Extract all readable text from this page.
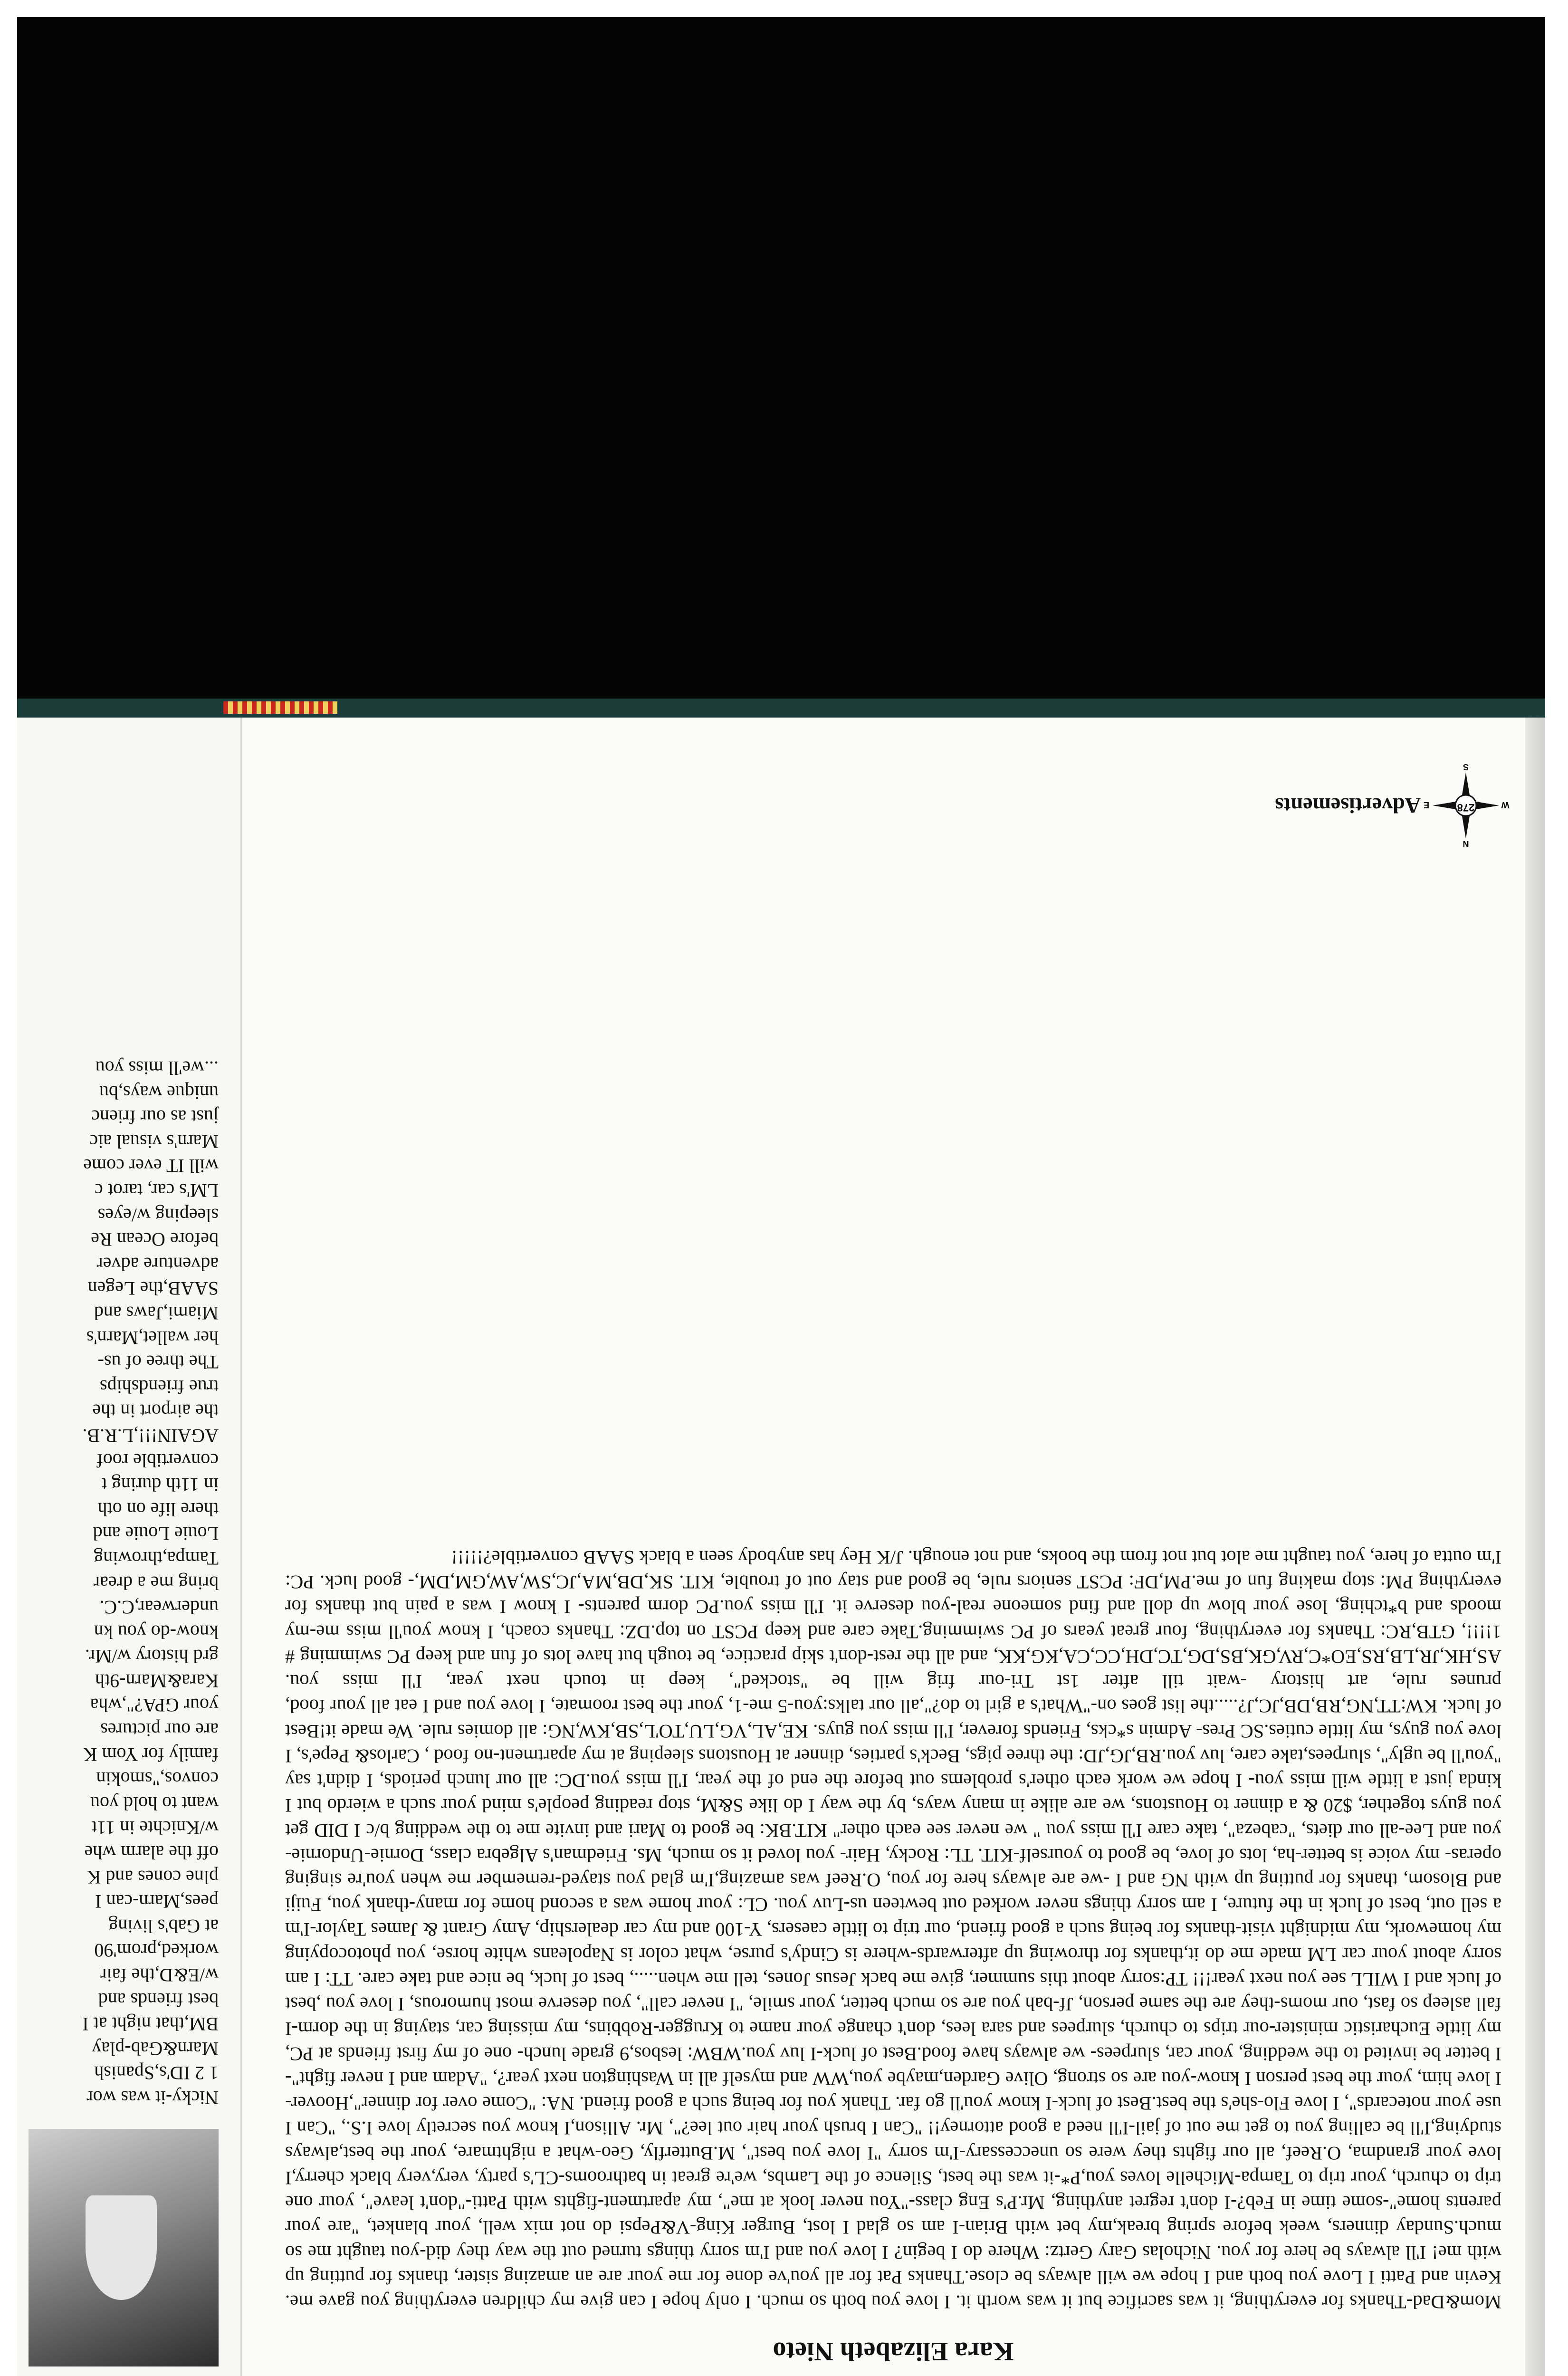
Kara Elizabeth Nieto
Mom&Dad-Thanks for everything, it was sacrifice but it was worth it. I love you both so much. I only hope I can give my children everything you gave me. Kevin and Patti I Love you both and I hope we will always be close.Thanks Pat for all you've done for me your are an amazing sister, thanks for putting up with me! I'll always be here for you. Nicholas Gary Gertz: Where do I begin? I love you and I'm sorry things turned out the way they did-you taught me so much.Sunday dinners, week before spring break,my bet with Brian-I am so glad I lost, Burger King-V&Pepsi do not mix well, your blanket, "are your parents home"-some time in Feb?-I don't regret anything, Mr.P's Eng class-"You never look at me", my apartment-fights with Patti-"don't leave", your one trip to church, your trip to Tampa-Michelle loves you,P*-it was the best, Silence of the Lambs, we're great in bathrooms-CL's party, very,very black cherry,I love your grandma, O.Reef, all our fights they were so uneccessary-I'm sorry "I love you best", M.Butterfly, Geo-what a nightmare, your the best,always studying,I'll be calling you to get me out of jail-I'll need a good attorney!! "Can I brush your hair out lee?", Mr. Allison,I know you secretly love I.S., "Can I use your notecards", I love Flo-she's the best.Best of luck-I know you'll go far. Thank you for being such a good friend. NA: "Come over for dinner",Hoover-I love him, your the best person I know-you are so strong, Olive Garden,maybe you,WW and myself all in Washington next year?, "Adam and I never fight"-I better be invited to the wedding, your car, slurpees- we always have food.Best of luck-I luv you.WBW: lesbos,9 grade lunch- one of my first friends at PC, my little Eucharistic minister-our trips to church, slurpees and sara lees, don't change your name to Krugger-Robbins, my missing car, staying in the dorm-I fall asleep so fast, our moms-they are the same person, Jf-bah you are so much better, your smile, "I never call", you deserve most humorous, I love you ,best of luck and I WILL see you next year!!! TP:sorry about this summer, give me back Jesus Jones, tell me when....., best of luck, be nice and take care. TT: I am sorry about your car LM made me do it,thanks for throwing up afterwards-where is Cindy's purse, what color is Napoleans white horse, you photocopying my homework, my midnight visit-thanks for being such a good friend, our trip to little caesers, Y-100 and my car dealership, Amy Grant & James Taylor-I'm a sell out, best of luck in the future, I am sorry things never worked out bewteen us-Luv you. CL: your home was a second home for many-thank you, Fuiji and Blosom, thanks for putting up with NG and I -we are always here for you, O.Reef was amazing,I'm glad you stayed-remember me when you're singing operas- my voice is better-ha, lots of love, be good to yourself-KIT. TL: Rocky, Hair- you loved it so much, Ms. Friedman's Algebra class, Dornie-Undornie-you and Lee-all our diets, "cabeza", take care I'll miss you " we never see each other" KIT.BK: be good to Mari and invite me to the wedding b/c I DID get you guys together, $20 & a dinner to Houstons, we are alike in many ways, by the way I do like S&M, stop reading people's mind your such a wierdo but I kinda just a little will miss you- I hope we work each other's problems out before the end of the year, I'll miss you.DC: all our lunch periods, I didn't say "you'll be ugly", slurpees,take care, luv you.RB,JG,JD: the three pigs, Beck's parties, dinner at Houstons sleeping at my apartment-no food , Carlos& Pepe's, I love you guys, my little cuties.SC Pres- Admin s*cks, Friends forever, I'll miss you guys. KE,AL,VG,LU,TO'L,SB,KW,NG: all domies rule. We made it!Best of luck. KW:TT,NG,RB,DB,JC,J?.....the list goes on-"What's a girl to do?",all our talks:you-5 me-1, your the best roomate, I love you and I eat all your food, prunes rule, art history -wait till after 1st Tri-our frig will be "stocked", keep in touch next year, I'll miss you. AS,HK,JR,LB,RS,EO*C,RV,GK,BS,DG,TC,DH,CC,CA,KG,KK, and all the rest-don't skip practice, be tough but have lots of fun and keep PC swimming # 1!!!!, GTB,RC: Thanks for everything, four great years of PC swimming.Take care and keep PCST on top.DZ: Thanks coach, I know you'll miss me-my moods and b*tching, lose your blow up doll and find someone real-you deserve it. I'll miss you.PC dorm parents- I know I was a pain but thanks for everything PM: stop making fun of me.PM,DF: PCST seniors rule, be good and stay out of trouble, KIT. SK,DB,MA,JC,SW,AW,GM,DM,- good luck. PC: I'm outta of here, you taught me alot but not from the books, and not enough. J/K Hey has anybody seen a black SAAB convertible?!!!!!
N
S
W
E	278
Advertisements
Nicky-it was wor
1 2 ID's,Spanish
Marn&Gab-play
BM,that night at I
best friends and
w/E&D,the fair
worked,prom'90
at Gab's living
pees,Marn-can I
plne cones and K
off the alarm whe
w/Knichte in 11t
want to hold you
convos,"smokin
family for Yom K
are our pictures
your GPA?",wha
Kara&Marn-9th
grd history w/Mr.
know-do you kn
underwear,C.C.
bring me a drear
Tampa,throwing
Louie Louie and
there life on oth
in 11th during t
convertible roof
AGAIN!!!,L.R.B.
the airport in the
true friendships
The three of us-
her wallet,Marn's
Miami,Jaws and
SAAB,the Legen
adventure adver
before Ocean Re
sleeping w/eyes
LM's car, tarot c
will IT ever come
Marn's visual aic
just as our frienc
unique ways,bu
...we'll miss you
